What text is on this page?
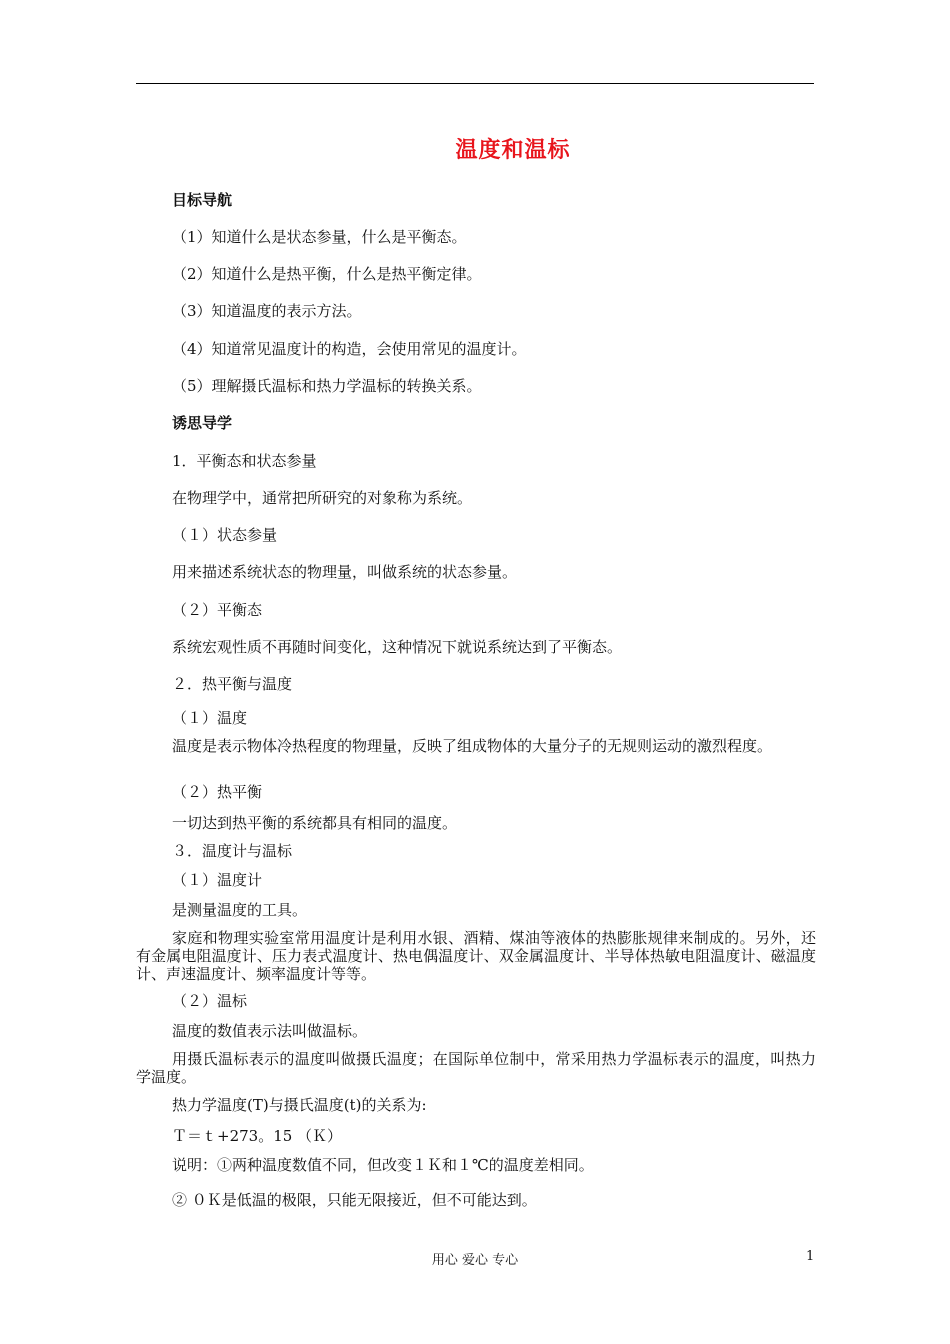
温度和温标
目标导航
（1）知道什么是状态参量，什么是平衡态。
（2）知道什么是热平衡，什么是热平衡定律。
（3）知道温度的表示方法。
（4）知道常见温度计的构造，会使用常见的温度计。
（5）理解摄氏温标和热力学温标的转换关系。
诱思导学
1．平衡态和状态参量
在物理学中，通常把所研究的对象称为系统。
（１）状态参量
用来描述系统状态的物理量，叫做系统的状态参量。
（２）平衡态
系统宏观性质不再随时间变化，这种情况下就说系统达到了平衡态。
２．热平衡与温度
（１）温度
温度是表示物体冷热程度的物理量，反映了组成物体的大量分子的无规则运动的激烈程度。
（２）热平衡
一切达到热平衡的系统都具有相同的温度。
３．温度计与温标
（１）温度计
是测量温度的工具。
家庭和物理实验室常用温度计是利用水银、酒精、煤油等液体的热膨胀规律来制成的。另外，还有金属电阻温度计、压力表式温度计、热电偶温度计、双金属温度计、半导体热敏电阻温度计、磁温度计、声速温度计、频率温度计等等。
（２）温标
温度的数值表示法叫做温标。
用摄氏温标表示的温度叫做摄氏温度；在国际单位制中，常采用热力学温标表示的温度，叫热力学温度。
热力学温度(T)与摄氏温度(t)的关系为:
Ｔ＝ｔ+273。15 （Ｋ）
说明：①两种温度数值不同，但改变１Ｋ和１℃的温度差相同。
② ０Ｋ是低温的极限，只能无限接近，但不可能达到。
用心 爱心 专心	1
